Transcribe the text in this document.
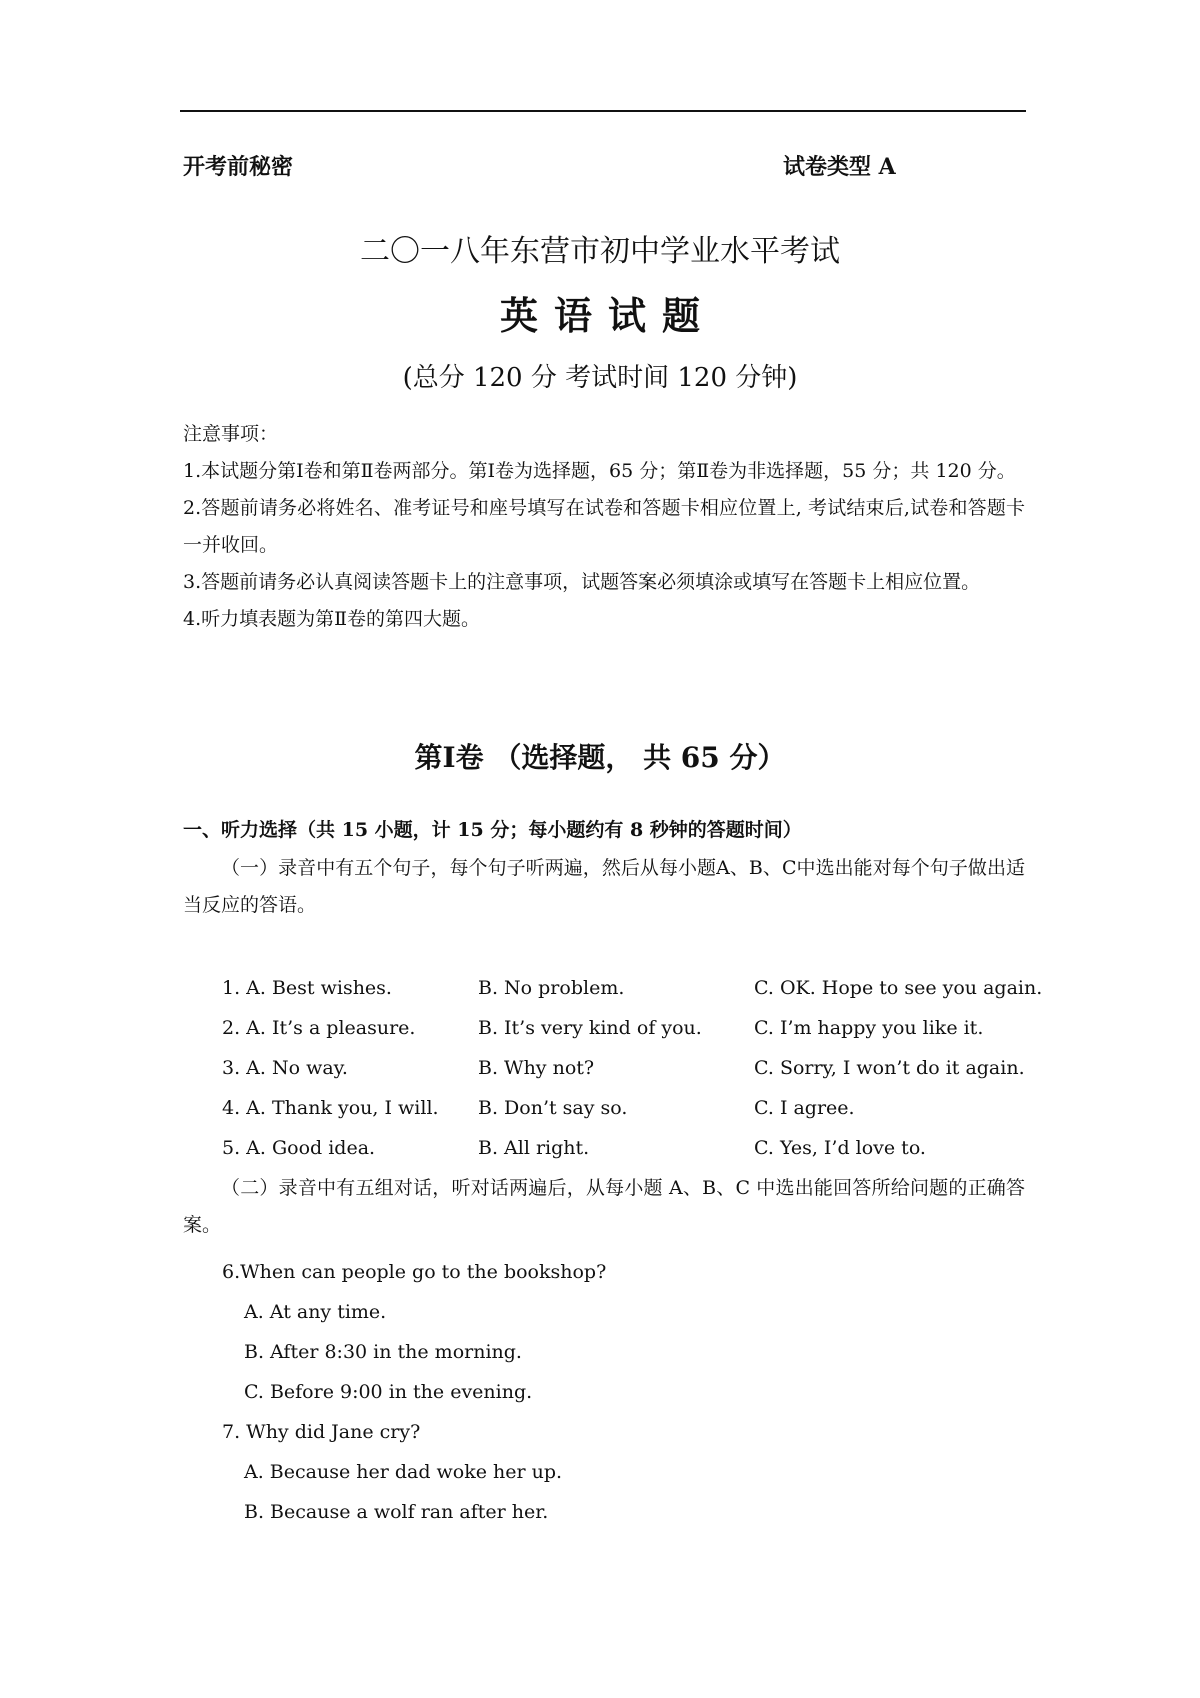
开考前秘密	试卷类型 A
二〇一八年东营市初中学业水平考试
英语试题
(总分 120 分 考试时间 120 分钟)

注意事项：

1.本试题分第Ⅰ卷和第Ⅱ卷两部分。第Ⅰ卷为选择题，65 分；第Ⅱ卷为非选择题，55 分；共 120 分。

2.答题前请务必将姓名、准考证号和座号填写在试卷和答题卡相应位置上, 考试结束后,试卷和答题卡一并收回。

3.答题前请务必认真阅读答题卡上的注意事项，试题答案必须填涂或填写在答题卡上相应位置。

4.听力填表题为第Ⅱ卷的第四大题。

第Ⅰ卷 （选择题， 共 65 分）
一、听力选择（共 15 小题，计 15 分；每小题约有 8 秒钟的答题时间）

（一）录音中有五个句子，每个句子听两遍，然后从每小题A、B、C中选出能对每个句子做出适当反应的答语。

1. A. Best wishes.	B. No problem.	C. OK. Hope to see you again.
2. A. It’s a pleasure.	B. It’s very kind of you.	C. I’m happy you like it.
3. A. No way.	B. Why not?	C. Sorry, I won’t do it again.
4. A. Thank you, I will. B. Don’t say so.	C. I agree.
5. A. Good idea.	B. All right.	C. Yes, I’d love to.

（二）录音中有五组对话，听对话两遍后，从每小题 A、B、C 中选出能回答所给问题的正确答案。

6.When can people go to the bookshop?

A. At any time.

B. After 8:30 in the morning.

C. Before 9:00 in the evening.

7. Why did Jane cry?

A. Because her dad woke her up.

B. Because a wolf ran after her.
